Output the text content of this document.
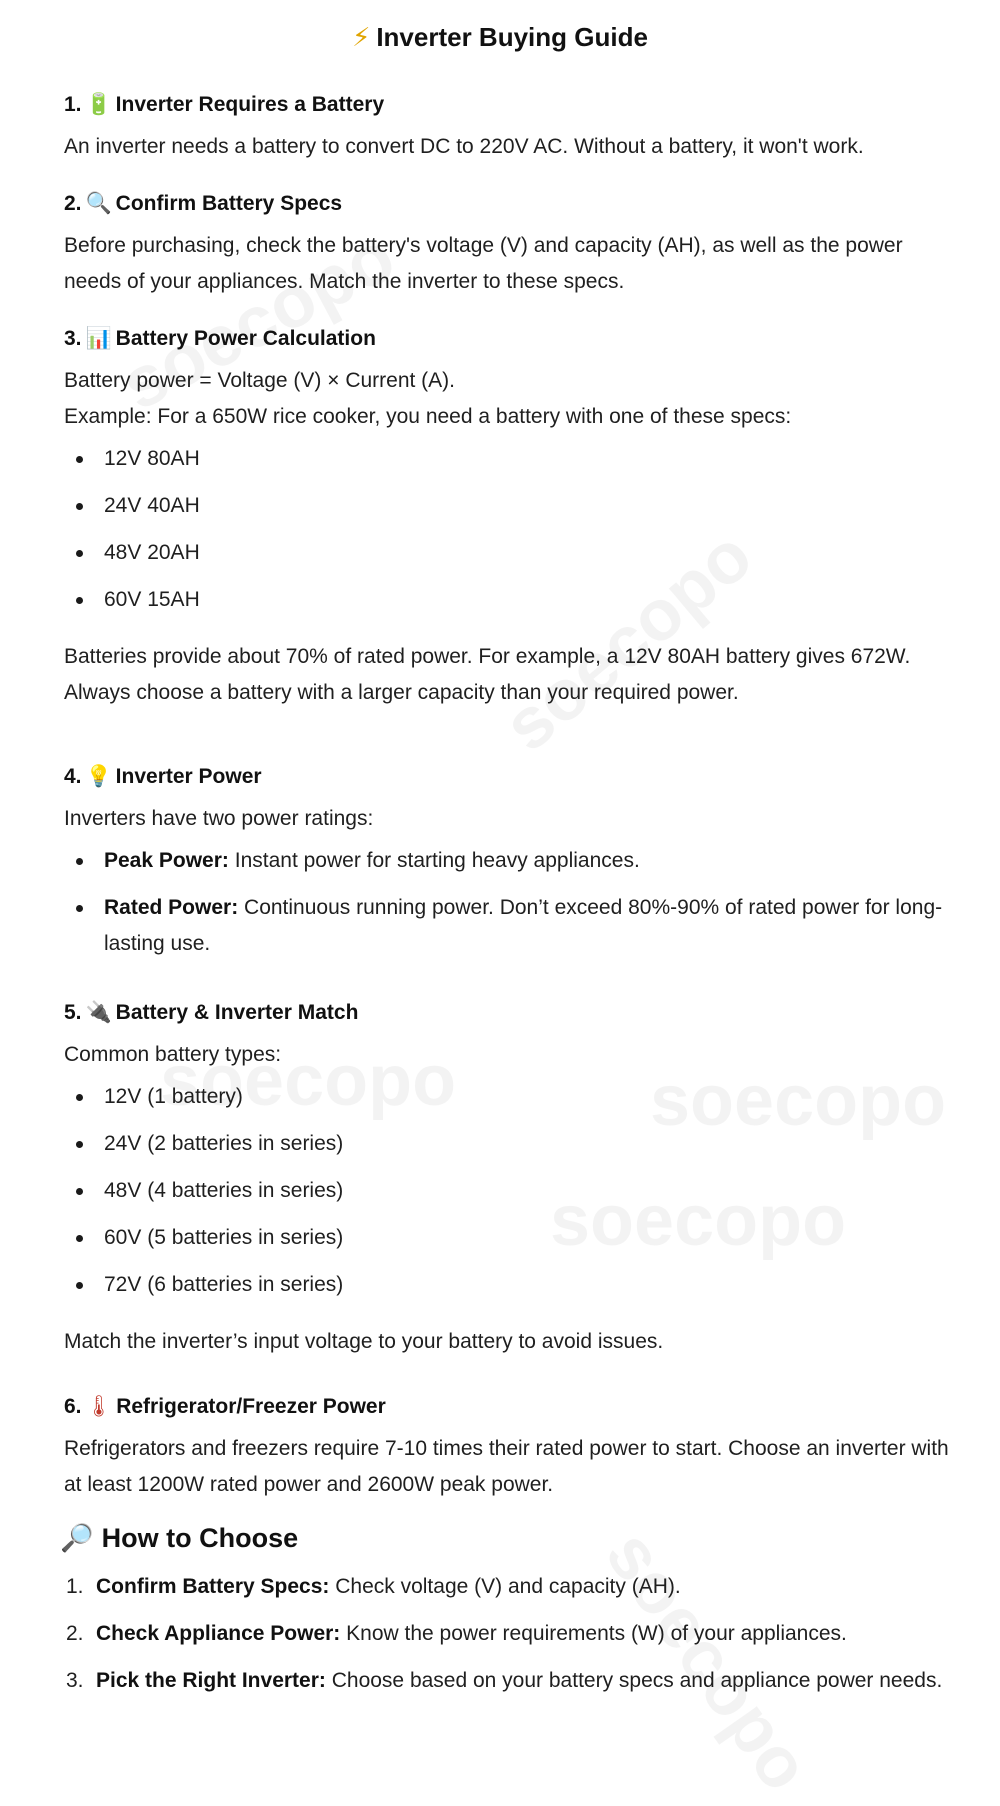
⚡ Inverter Buying Guide
1. 🔋 Inverter Requires a Battery

An inverter needs a battery to convert DC to 220V AC. Without a battery, it won't work.

2. 🔍 Confirm Battery Specs

Before purchasing, check the battery's voltage (V) and capacity (AH), as well as the power needs of your appliances. Match the inverter to these specs.

3. 📊 Battery Power Calculation

Battery power = Voltage (V) × Current (A).

Example: For a 650W rice cooker, you need a battery with one of these specs:

12V 80AH
24V 40AH
48V 20AH
60V 15AH

Batteries provide about 70% of rated power. For example, a 12V 80AH battery gives 672W. Always choose a battery with a larger capacity than your required power.

4. 💡 Inverter Power

Inverters have two power ratings:

Peak Power: Instant power for starting heavy appliances.
Rated Power: Continuous running power. Don’t exceed 80%-90% of rated power for long-lasting use.
5. 🔌 Battery & Inverter Match

Common battery types:

12V (1 battery)
24V (2 batteries in series)
48V (4 batteries in series)
60V (5 batteries in series)
72V (6 batteries in series)

Match the inverter’s input voltage to your battery to avoid issues.

6. 🌡 Refrigerator/Freezer Power

Refrigerators and freezers require 7-10 times their rated power to start. Choose an inverter with at least 1200W rated power and 2600W peak power.

🔎 How to Choose
1. Confirm Battery Specs: Check voltage (V) and capacity (AH).
2. Check Appliance Power: Know the power requirements (W) of your appliances.
3. Pick the Right Inverter: Choose based on your battery specs and appliance power needs.
